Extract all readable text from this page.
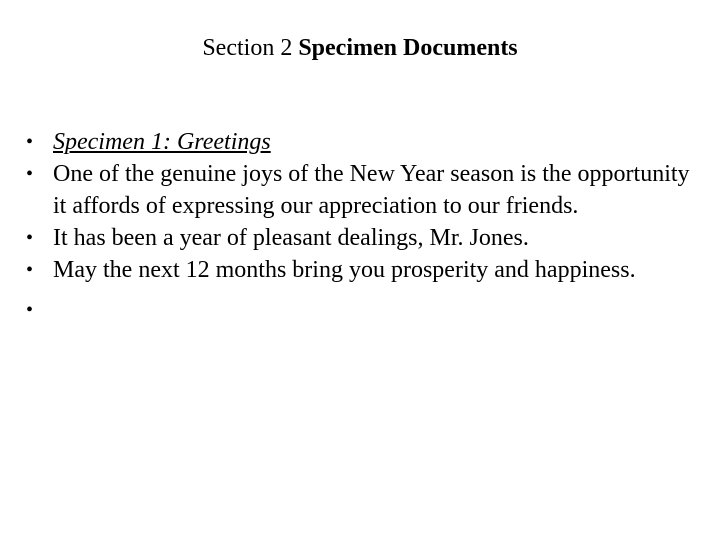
Section 2 Specimen Documents
• Specimen 1: Greetings
• One of the genuine joys of the New Year season is the opportunity it affords of expressing our appreciation to our friends.
• It has been a year of pleasant dealings, Mr. Jones.
• May the next 12 months bring you prosperity and happiness.
•
